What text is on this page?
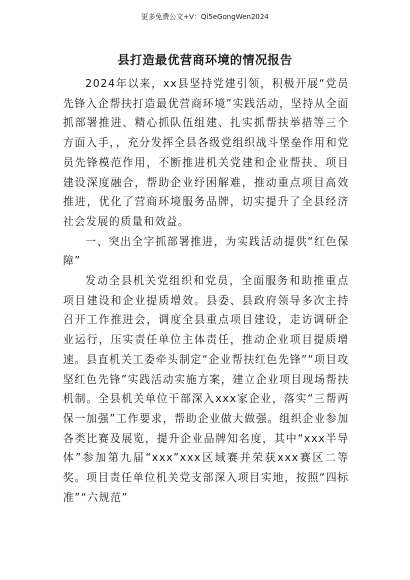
更多免费公文+V：Qi5eGongWen2024
县打造最优营商环境的情况报告

2024年以来，xx县坚持党建引领，积极开展“党员先锋入企帮扶打造最优营商环境”实践活动，坚持从全面抓部署推进、精心抓队伍组建、扎实抓帮扶举措等三个方面入手，，充分发挥全县各级党组织战斗堡垒作用和党员先锋模范作用，不断推进机关党建和企业帮扶、项目建设深度融合，帮助企业纾困解难，推动重点项目高效推进，优化了营商环境服务品牌，切实提升了全县经济社会发展的质量和效益。

一、突出全字抓部署推进，为实践活动提供“红色保障”

发动全县机关党组织和党员，全面服务和助推重点项目建设和企业提质增效。县委、县政府领导多次主持召开工作推进会，调度全县重点项目建设，走访调研企业运行，压实责任单位主体责任，推动企业项目提质增速。县直机关工委牵头制定“企业帮扶红色先锋”“项目攻坚红色先锋”实践活动实施方案，建立企业项目现场帮扶机制。全县机关单位干部深入xxx家企业，落实“三帮两保一加强”工作要求，帮助企业做大做强。组织企业参加各类比赛及展览，提升企业品牌知名度，其中“xxx半导体”参加第九届“xxx”xxx区域赛并荣获xxx赛区二等奖。项目责任单位机关党支部深入项目实地，按照“四标准”“六规范”
